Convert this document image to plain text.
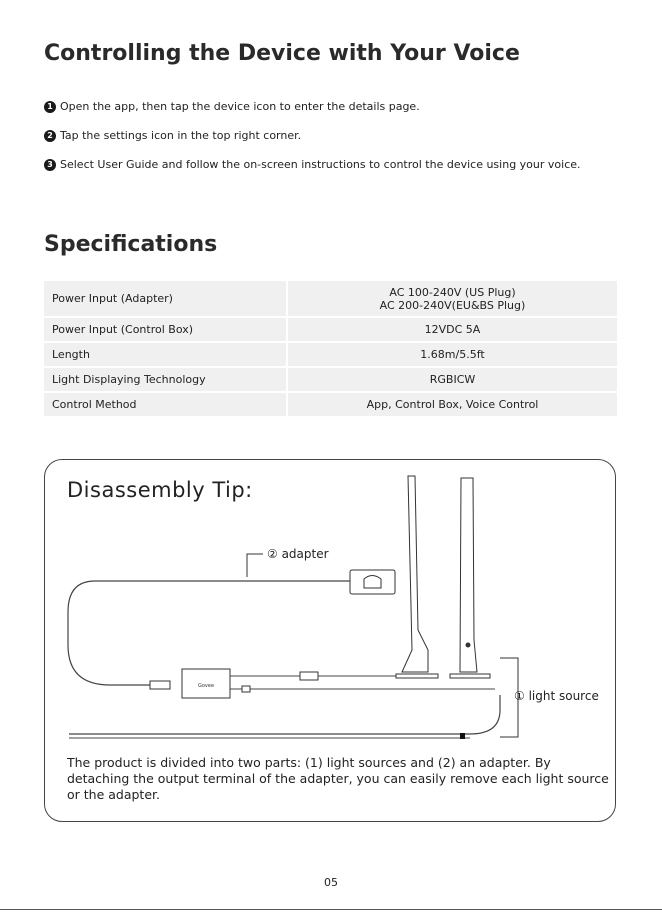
Controlling the Device with Your Voice
1 Open the app, then tap the device icon to enter the details page.
2 Tap the settings icon in the top right corner.
3 Select User Guide and follow the on-screen instructions to control the device using your voice.
Specifications
Power Input (Adapter)	AC 100-240V (US Plug)
AC 200-240V(EU&BS Plug)

Power Input (Control Box)	12VDC 5A
Length	1.68m/5.5ft
Light Displaying Technology	RGBICW
Control Method	App, Control Box, Voice Control
Disassembly Tip:
Govee
② adapter
① light source
The product is divided into two parts: (1) light sources and (2) an adapter. By detaching the output terminal of the adapter, you can easily remove each light source or the adapter.
05
